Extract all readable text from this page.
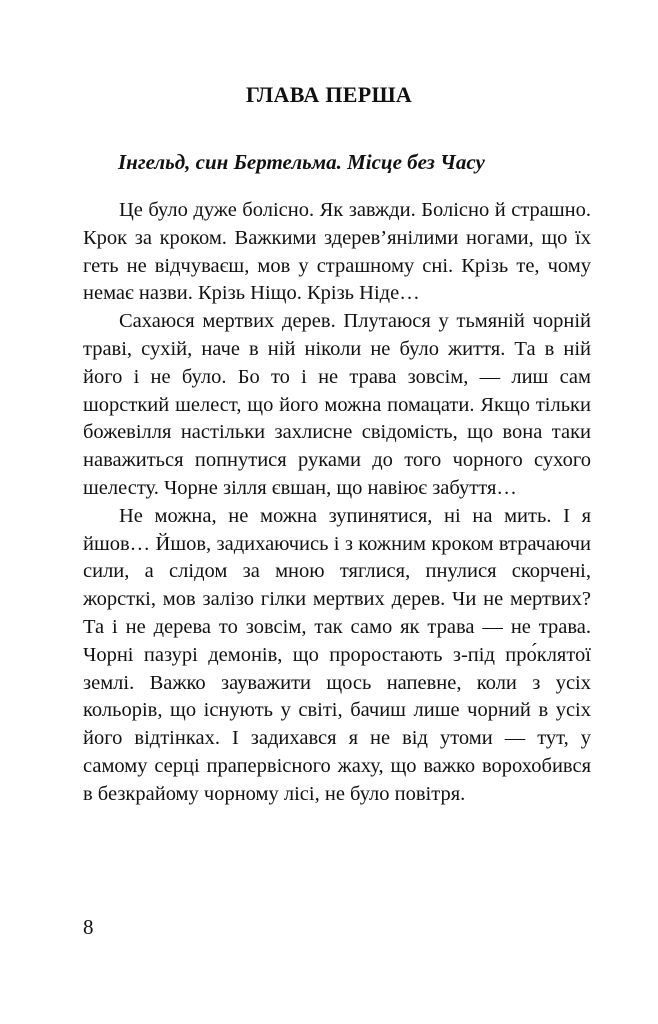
ГЛАВА ПЕРША
Інгельд, син Бертельма. Місце без Часу

Це було дуже болісно. Як завжди. Болісно й страшно. Крок за кроком. Важкими здерев’янілими ногами, що їх геть не відчуваєш, мов у страшному сні. Крізь те, чому немає назви. Крізь Ніщо. Крізь Ніде…

Сахаюся мертвих дерев. Плутаюся у тьмяній чорній траві, сухій, наче в ній ніколи не було життя. Та в ній його і не було. Бо то і не трава зовсім, — лиш сам шорсткий шелест, що його можна помацати. Якщо тільки божевілля настільки захлисне свідомість, що вона таки наважиться попнутися руками до того чорного сухого шелесту. Чорне зілля євшан, що навіює забуття…

Не можна, не можна зупинятися, ні на мить. І я йшов… Йшов, задихаючись і з кожним кроком втрачаючи сили, а слідом за мною тяглися, пнулися скорчені, жорсткі, мов залізо гілки мертвих дерев. Чи не мертвих? Та і не дерева то зовсім, так само як трава — не трава. Чорні пазурі демонів, що проростають з-під про́клятої землі. Важко зауважити щось напевне, коли з усіх кольорів, що існують у світі, бачиш лише чорний в усіх його відтінках. І задихався я не від утоми — тут, у самому серці прапервісного жаху, що важко ворохобився в безкрайому чорному лісі, не було повітря.

8
